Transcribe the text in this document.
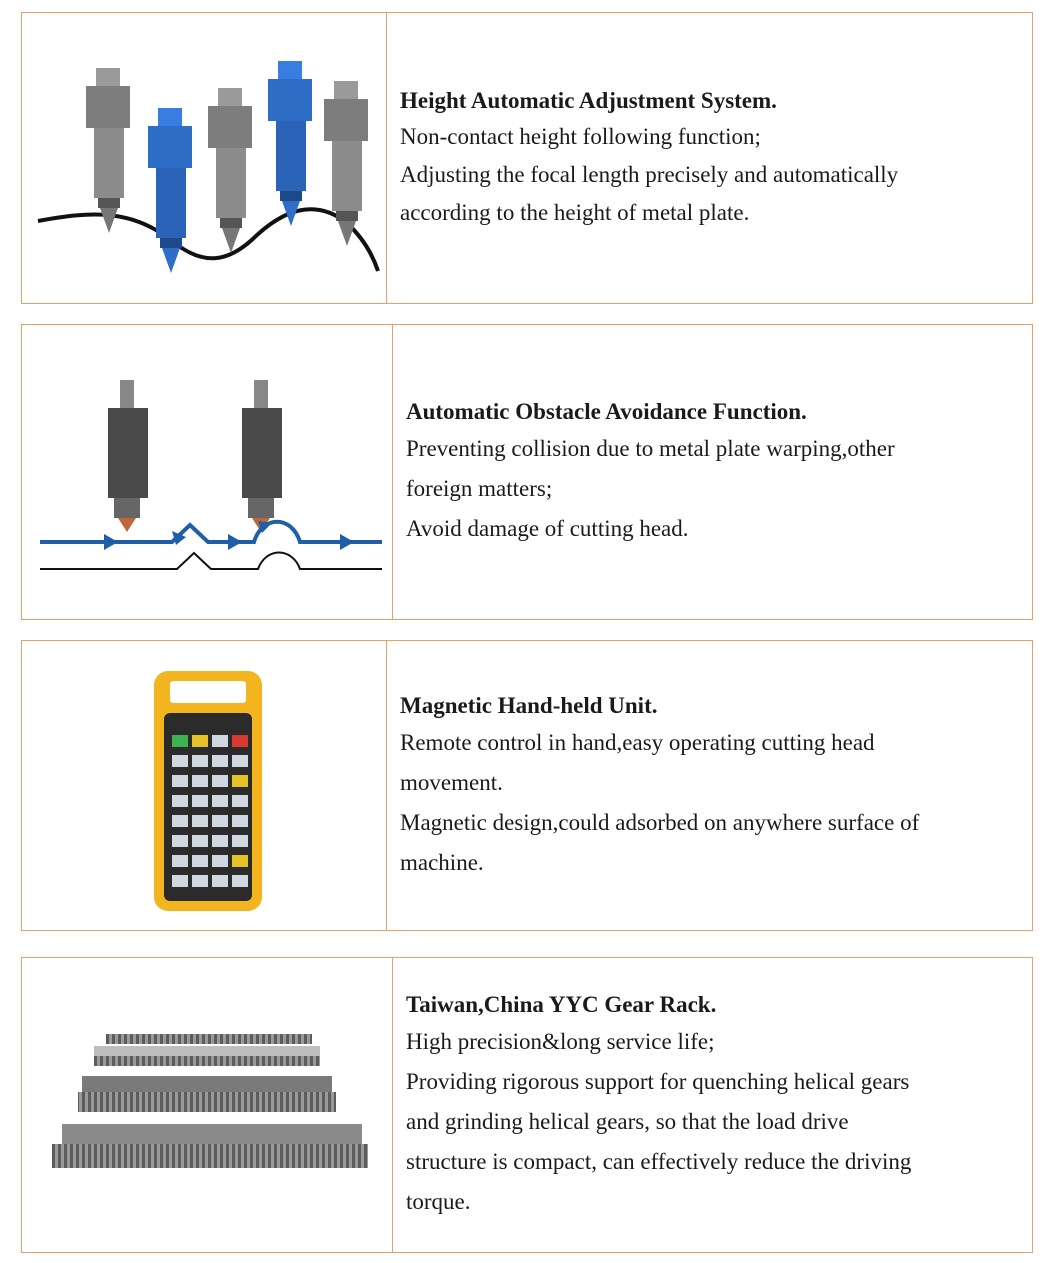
Height Automatic Adjustment System.

Non-contact height following function;

Adjusting the focal length precisely and automatically

according to the height of metal plate.

Automatic Obstacle Avoidance Function.

Preventing collision due to metal plate warping,other

foreign matters;

Avoid damage of cutting head.

Magnetic Hand-held Unit.

Remote control in hand,easy operating cutting head

movement.

Magnetic design,could adsorbed on anywhere surface of

machine.

Taiwan,China YYC Gear Rack.

High precision&long service life;

Providing rigorous support for quenching helical gears

and grinding helical gears, so that the load drive

structure is compact, can effectively reduce the driving

torque.
